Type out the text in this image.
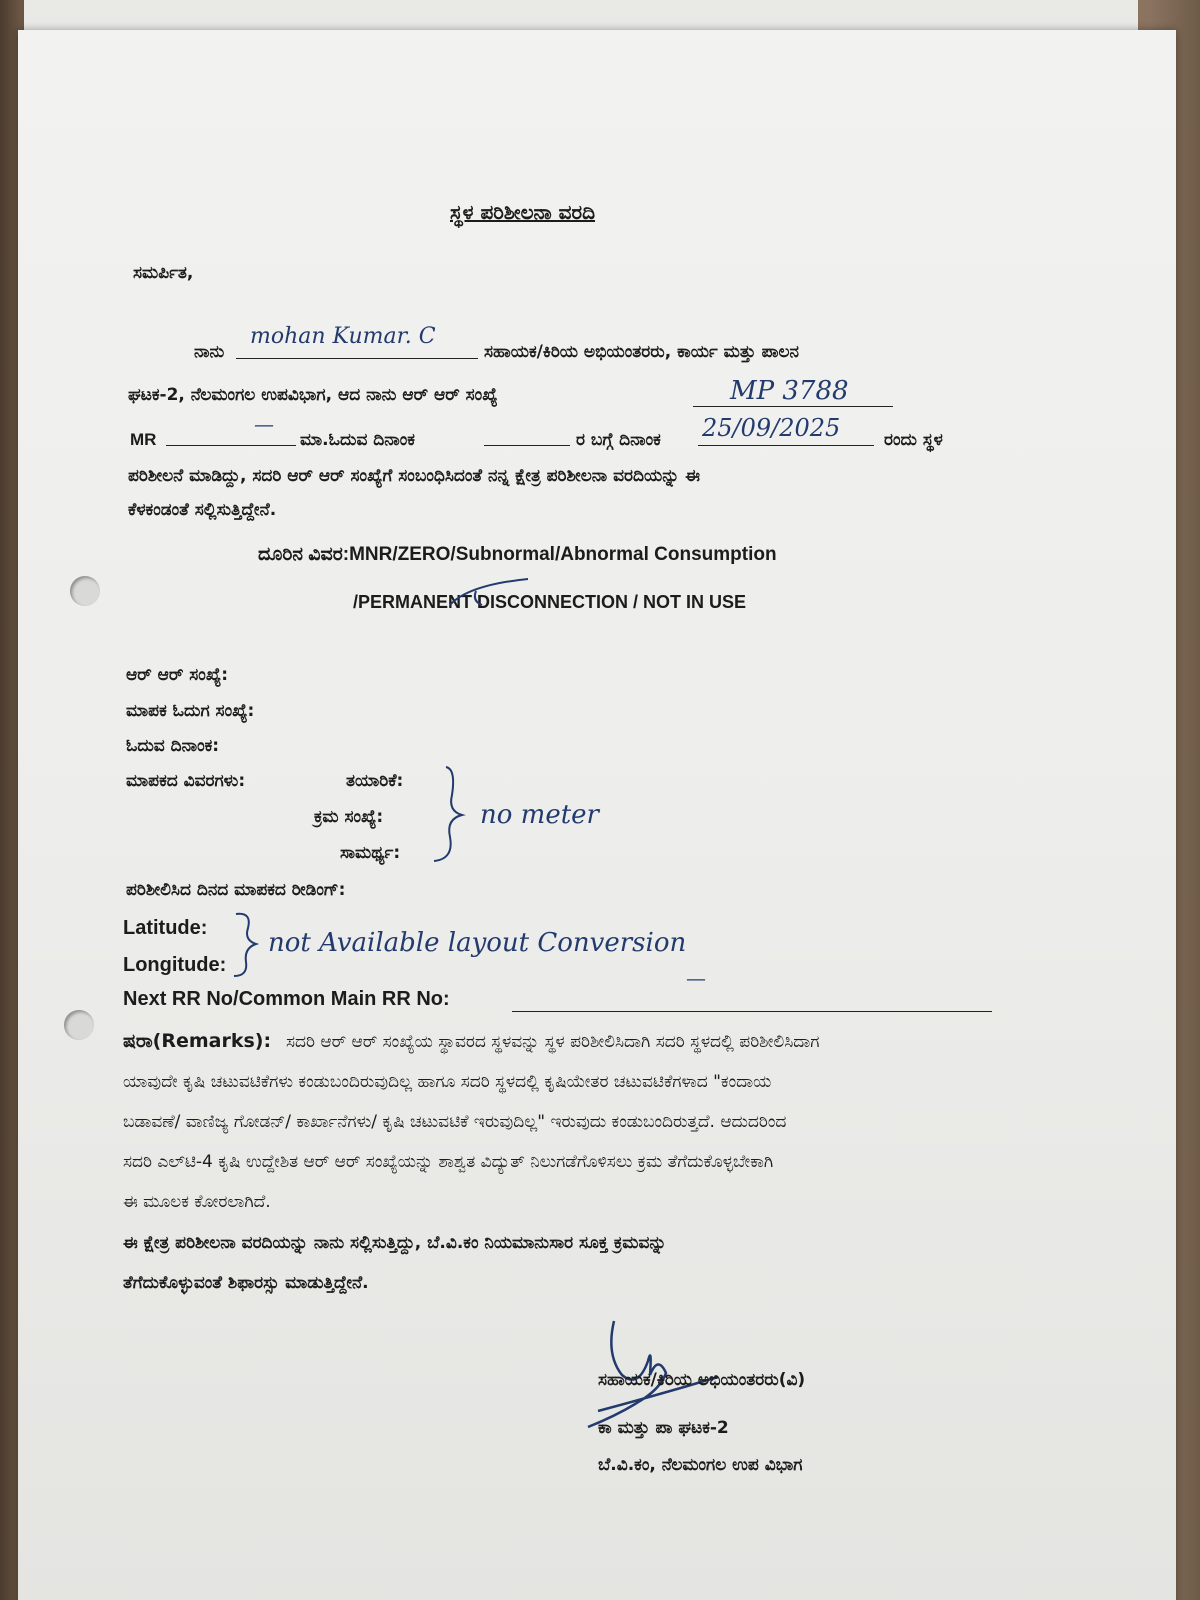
ಸ್ಥಳ ಪರಿಶೀಲನಾ ವರದಿ
ಸಮರ್ಪಿತ,
ನಾನು
mohan Kumar. C
ಸಹಾಯಕ/ಕಿರಿಯ ಅಭಿಯಂತರರು, ಕಾರ್ಯ ಮತ್ತು ಪಾಲನ
ಘಟಕ-2, ನೆಲಮಂಗಲ ಉಪವಿಭಾಗ, ಆದ ನಾನು ಆರ್ ಆರ್ ಸಂಖ್ಯೆ	MP 3788
MR
—
ಮಾ.ಓದುವ ದಿನಾಂಕ	ರ ಬಗ್ಗೆ ದಿನಾಂಕ 25/09/2025	ರಂದು ಸ್ಥಳ
ಪರಿಶೀಲನೆ ಮಾಡಿದ್ದು, ಸದರಿ ಆರ್ ಆರ್ ಸಂಖ್ಯೆಗೆ ಸಂಬಂಧಿಸಿದಂತೆ ನನ್ನ ಕ್ಷೇತ್ರ ಪರಿಶೀಲನಾ ವರದಿಯನ್ನು ಈ
ಕೆಳಕಂಡಂತೆ ಸಲ್ಲಿಸುತ್ತಿದ್ದೇನೆ.
ದೂರಿನ ವಿವರ:MNR/ZERO/Subnormal/Abnormal Consumption
/PERMANENT DISCONNECTION / NOT IN USE
ಆರ್ ಆರ್ ಸಂಖ್ಯೆ:
ಮಾಪಕ ಓದುಗ ಸಂಖ್ಯೆ:
ಓದುವ ದಿನಾಂಕ:
ಮಾಪಕದ ವಿವರಗಳು:	ತಯಾರಿಕೆ:
ಕ್ರಮ ಸಂಖ್ಯೆ:
ಸಾಮರ್ಥ್ಯ:
no meter
ಪರಿಶೀಲಿಸಿದ ದಿನದ ಮಾಪಕದ ರೀಡಿಂಗ್:
Latitude:
Longitude:
not Available layout Conversion
Next RR No/Common Main RR No:
—
ಷರಾ(Remarks): ಸದರಿ ಆರ್ ಆರ್ ಸಂಖ್ಯೆಯ ಸ್ಥಾವರದ ಸ್ಥಳವನ್ನು ಸ್ಥಳ ಪರಿಶೀಲಿಸಿದಾಗಿ ಸದರಿ ಸ್ಥಳದಲ್ಲಿ ಪರಿಶೀಲಿಸಿದಾಗ
ಯಾವುದೇ ಕೃಷಿ ಚಟುವಟಿಕೆಗಳು ಕಂಡುಬಂದಿರುವುದಿಲ್ಲ ಹಾಗೂ ಸದರಿ ಸ್ಥಳದಲ್ಲಿ ಕೃಷಿಯೇತರ ಚಟುವಟಿಕೆಗಳಾದ "ಕಂದಾಯ
ಬಡಾವಣೆ/ ವಾಣಿಜ್ಯ ಗೋಡನ್/ ಕಾರ್ಖಾನೆಗಳು/ ಕೃಷಿ ಚಟುವಟಿಕೆ ಇರುವುದಿಲ್ಲ" ಇರುವುದು ಕಂಡುಬಂದಿರುತ್ತದೆ. ಆದುದರಿಂದ
ಸದರಿ ಎಲ್‌ಟಿ-4 ಕೃಷಿ ಉದ್ದೇಶಿತ ಆರ್ ಆರ್ ಸಂಖ್ಯೆಯನ್ನು ಶಾಶ್ವತ ವಿದ್ಯುತ್ ನಿಲುಗಡೆಗೊಳಿಸಲು ಕ್ರಮ ತೆಗೆದುಕೊಳ್ಳಬೇಕಾಗಿ
ಈ ಮೂಲಕ ಕೋರಲಾಗಿದೆ.
ಈ ಕ್ಷೇತ್ರ ಪರಿಶೀಲನಾ ವರದಿಯನ್ನು ನಾನು ಸಲ್ಲಿಸುತ್ತಿದ್ದು, ಬೆ.ವಿ.ಕಂ ನಿಯಮಾನುಸಾರ ಸೂಕ್ತ ಕ್ರಮವನ್ನು
ತೆಗೆದುಕೊಳ್ಳುವಂತೆ ಶಿಫಾರಸ್ಸು ಮಾಡುತ್ತಿದ್ದೇನೆ.
ಸಹಾಯಕ/ಕಿರಿಯ ಅಭಿಯಂತರರು(ವಿ)
ಕಾ ಮತ್ತು ಪಾ ಘಟಕ-2
ಬೆ.ವಿ.ಕಂ, ನೆಲಮಂಗಲ ಉಪ ವಿಭಾಗ
